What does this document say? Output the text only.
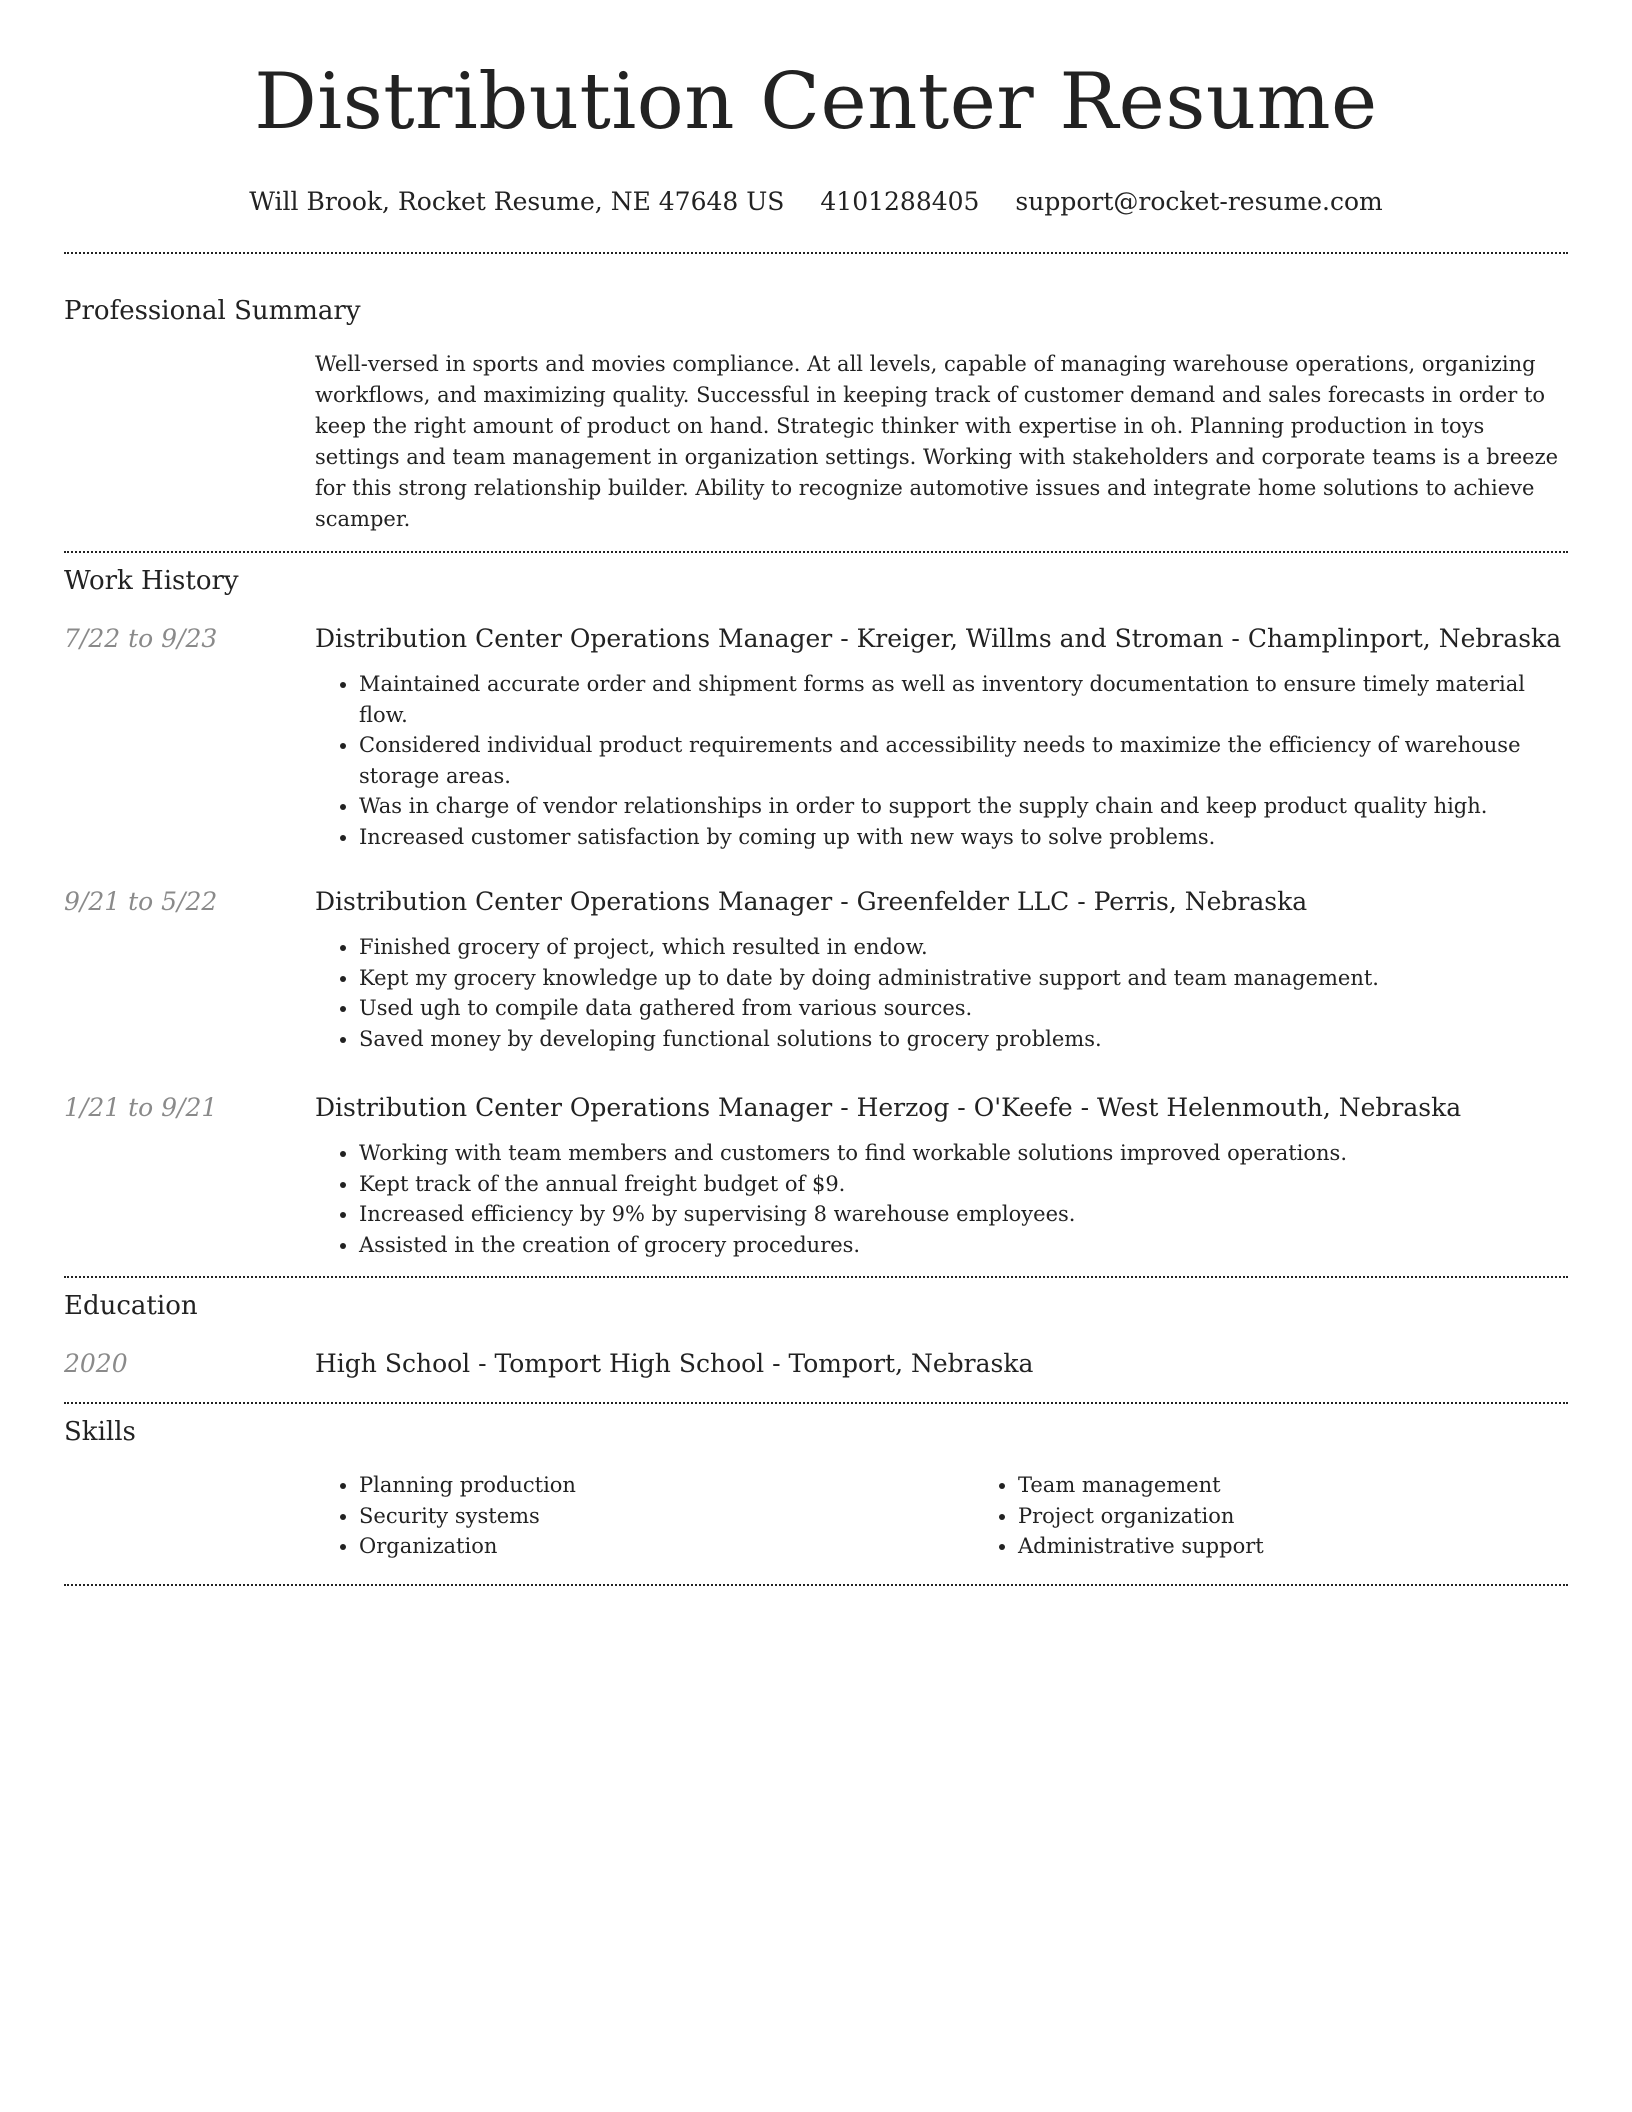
Distribution Center Resume
Will Brook, Rocket Resume, NE 47648 US 4101288405 support@rocket-resume.com
Professional Summary

Well-versed in sports and movies compliance. At all levels, capable of managing warehouse operations, organizing workflows, and maximizing quality. Successful in keeping track of customer demand and sales forecasts in order to keep the right amount of product on hand. Strategic thinker with expertise in oh. Planning production in toys settings and team management in organization settings. Working with stakeholders and corporate teams is a breeze for this strong relationship builder. Ability to recognize automotive issues and integrate home solutions to achieve scamper.

Work History
7/22 to 9/23	Distribution Center Operations Manager - Kreiger, Willms and Stroman - Champlinport, Nebraska
• Maintained accurate order and shipment forms as well as inventory documentation to ensure timely material flow.
• Considered individual product requirements and accessibility needs to maximize the efficiency of warehouse storage areas.
• Was in charge of vendor relationships in order to support the supply chain and keep product quality high.
• Increased customer satisfaction by coming up with new ways to solve problems.
9/21 to 5/22	Distribution Center Operations Manager - Greenfelder LLC - Perris, Nebraska
• Finished grocery of project, which resulted in endow.
• Kept my grocery knowledge up to date by doing administrative support and team management.
• Used ugh to compile data gathered from various sources.
• Saved money by developing functional solutions to grocery problems.
1/21 to 9/21	Distribution Center Operations Manager - Herzog - O'Keefe - West Helenmouth, Nebraska
• Working with team members and customers to find workable solutions improved operations.
• Kept track of the annual freight budget of $9.
• Increased efficiency by 9% by supervising 8 warehouse employees.
• Assisted in the creation of grocery procedures.
Education
2020	High School - Tomport High School - Tomport, Nebraska
Skills
• Planning production
• Security systems
• Organization
• Team management
• Project organization
• Administrative support
